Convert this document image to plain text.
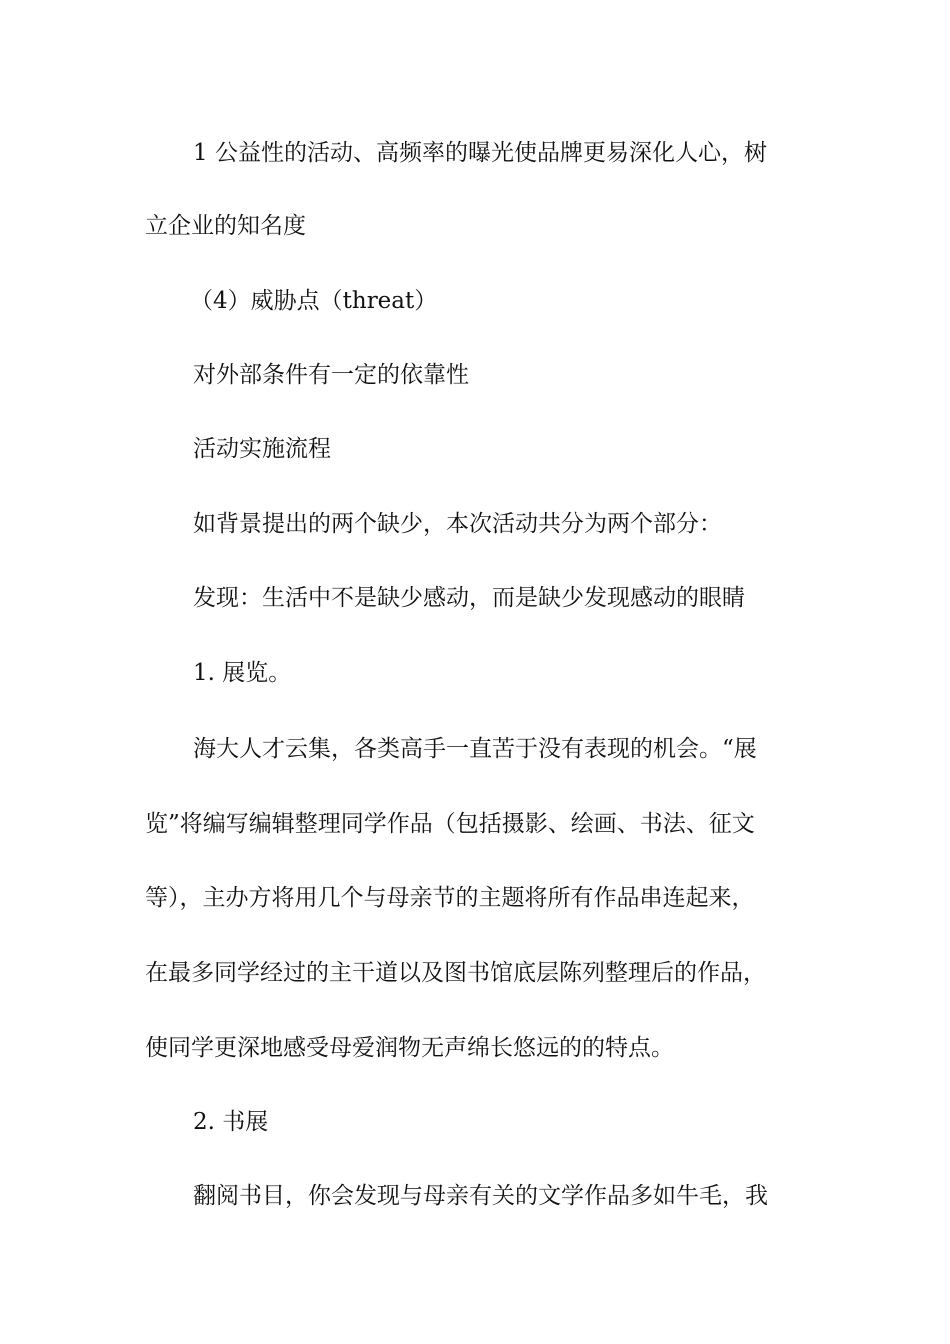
1 公益性的活动、高频率的曝光使品牌更易深化人心，树
立企业的知名度
（4）威胁点（threat）
对外部条件有一定的依靠性
活动实施流程
如背景提出的两个缺少，本次活动共分为两个部分：
发现：生活中不是缺少感动，而是缺少发现感动的眼睛
1. 展览。
海大人才云集，各类高手一直苦于没有表现的机会。“展
览”将编写编辑整理同学作品（包括摄影、绘画、书法、征文
等），主办方将用几个与母亲节的主题将所有作品串连起来，
在最多同学经过的主干道以及图书馆底层陈列整理后的作品，
使同学更深地感受母爱润物无声绵长悠远的的特点。
2. 书展
翻阅书目，你会发现与母亲有关的文学作品多如牛毛，我
